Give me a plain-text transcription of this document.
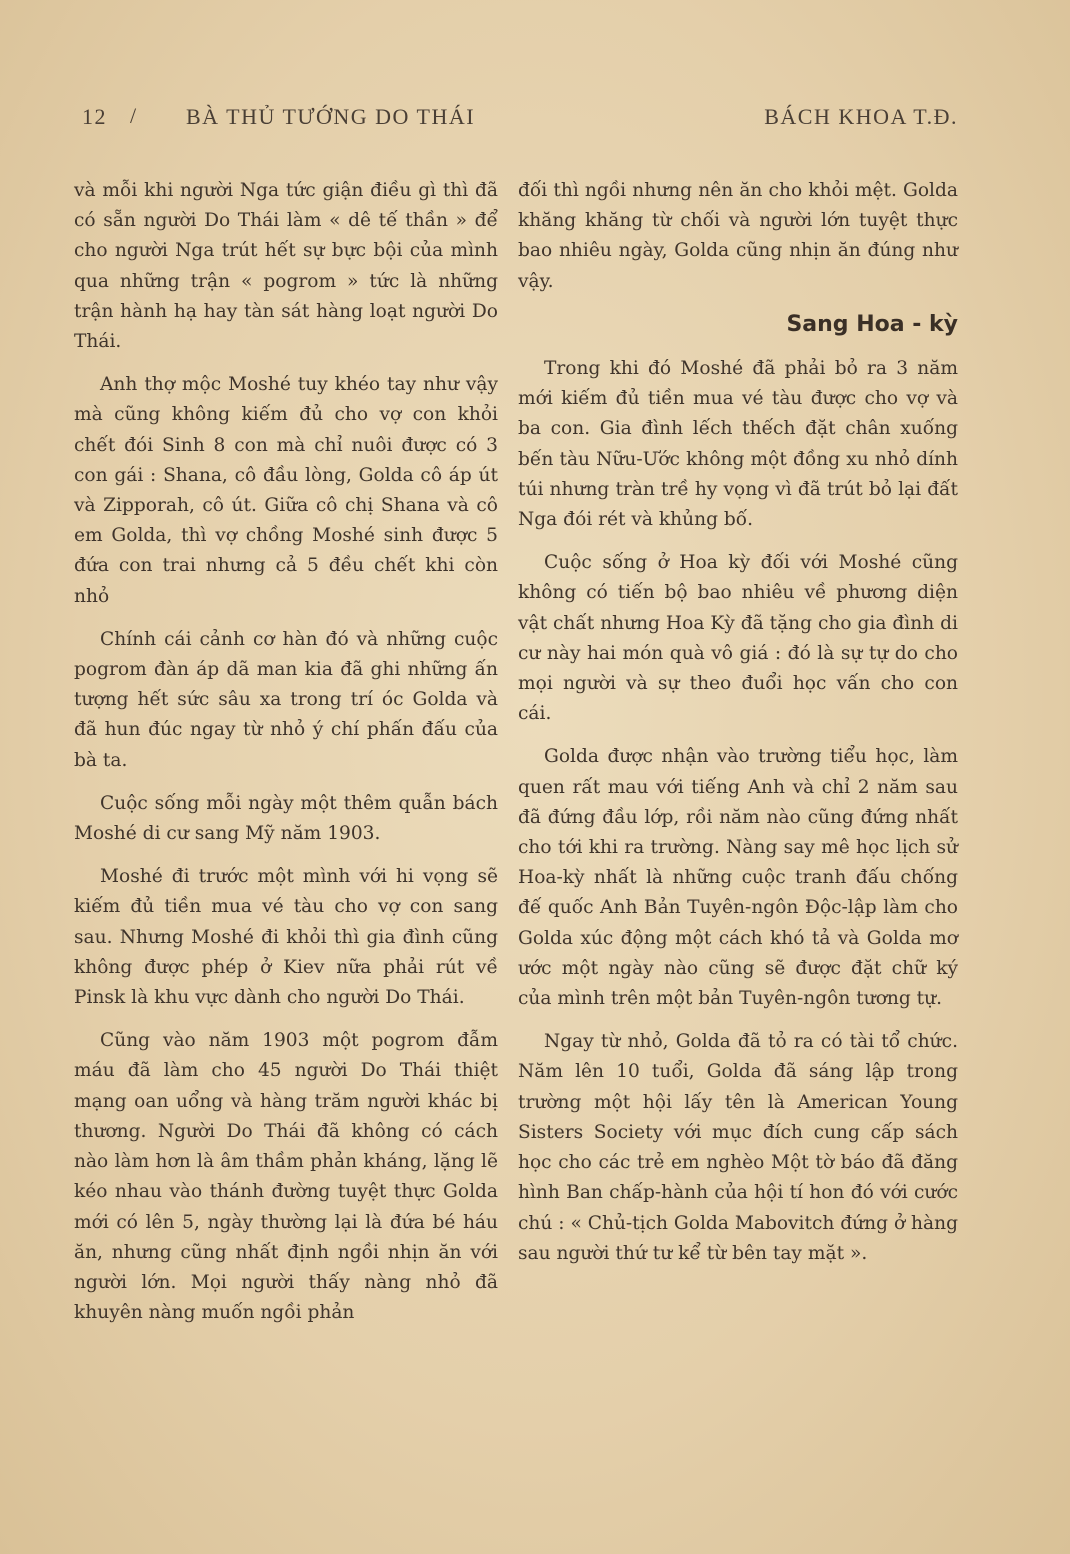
12 / BÀ THỦ TƯỚNG DO THÁI	BÁCH KHOA T.Đ.

và mỗi khi người Nga tức giận điều gì thì đã có sẵn người Do Thái làm « dê tế thần » để cho người Nga trút hết sự bực bội của mình qua những trận « pogrom » tức là những trận hành hạ hay tàn sát hàng loạt người Do Thái.

Anh thợ mộc Moshé tuy khéo tay như vậy mà cũng không kiếm đủ cho vợ con khỏi chết đói Sinh 8 con mà chỉ nuôi được có 3 con gái : Shana, cô đầu lòng, Golda cô áp út và Zipporah, cô út. Giữa cô chị Shana và cô em Golda, thì vợ chồng Moshé sinh được 5 đứa con trai nhưng cả 5 đều chết khi còn nhỏ

Chính cái cảnh cơ hàn đó và những cuộc pogrom đàn áp dã man kia đã ghi những ấn tượng hết sức sâu xa trong trí óc Golda và đã hun đúc ngay từ nhỏ ý chí phấn đấu của bà ta.

Cuộc sống mỗi ngày một thêm quẫn bách Moshé di cư sang Mỹ năm 1903.

Moshé đi trước một mình với hi vọng sẽ kiếm đủ tiền mua vé tàu cho vợ con sang sau. Nhưng Moshé đi khỏi thì gia đình cũng không được phép ở Kiev nữa phải rút về Pinsk là khu vực dành cho người Do Thái.

Cũng vào năm 1903 một pogrom đẫm máu đã làm cho 45 người Do Thái thiệt mạng oan uổng và hàng trăm người khác bị thương. Người Do Thái đã không có cách nào làm hơn là âm thầm phản kháng, lặng lẽ kéo nhau vào thánh đường tuyệt thực Golda mới có lên 5, ngày thường lại là đứa bé háu ăn, nhưng cũng nhất định ngồi nhịn ăn với người lớn. Mọi người thấy nàng nhỏ đã khuyên nàng muốn ngồi phản

đối thì ngồi nhưng nên ăn cho khỏi mệt. Golda khăng khăng từ chối và người lớn tuyệt thực bao nhiêu ngày, Golda cũng nhịn ăn đúng như vậy.

Sang Hoa - kỳ

Trong khi đó Moshé đã phải bỏ ra 3 năm mới kiếm đủ tiền mua vé tàu được cho vợ và ba con. Gia đình lếch thếch đặt chân xuống bến tàu Nữu-Ước không một đồng xu nhỏ dính túi nhưng tràn trề hy vọng vì đã trút bỏ lại đất Nga đói rét và khủng bố.

Cuộc sống ở Hoa kỳ đối với Moshé cũng không có tiến bộ bao nhiêu về phương diện vật chất nhưng Hoa Kỳ đã tặng cho gia đình di cư này hai món quà vô giá : đó là sự tự do cho mọi người và sự theo đuổi học vấn cho con cái.

Golda được nhận vào trường tiểu học, làm quen rất mau với tiếng Anh và chỉ 2 năm sau đã đứng đầu lớp, rồi năm nào cũng đứng nhất cho tới khi ra trường. Nàng say mê học lịch sử Hoa-kỳ nhất là những cuộc tranh đấu chống đế quốc Anh Bản Tuyên-ngôn Độc-lập làm cho Golda xúc động một cách khó tả và Golda mơ ước một ngày nào cũng sẽ được đặt chữ ký của mình trên một bản Tuyên-ngôn tương tự.

Ngay từ nhỏ, Golda đã tỏ ra có tài tổ chức. Năm lên 10 tuổi, Golda đã sáng lập trong trường một hội lấy tên là American Young Sisters Society với mục đích cung cấp sách học cho các trẻ em nghèo Một tờ báo đã đăng hình Ban chấp-hành của hội tí hon đó với cước chú : « Chủ-tịch Golda Mabovitch đứng ở hàng sau người thứ tư kể từ bên tay mặt ».
